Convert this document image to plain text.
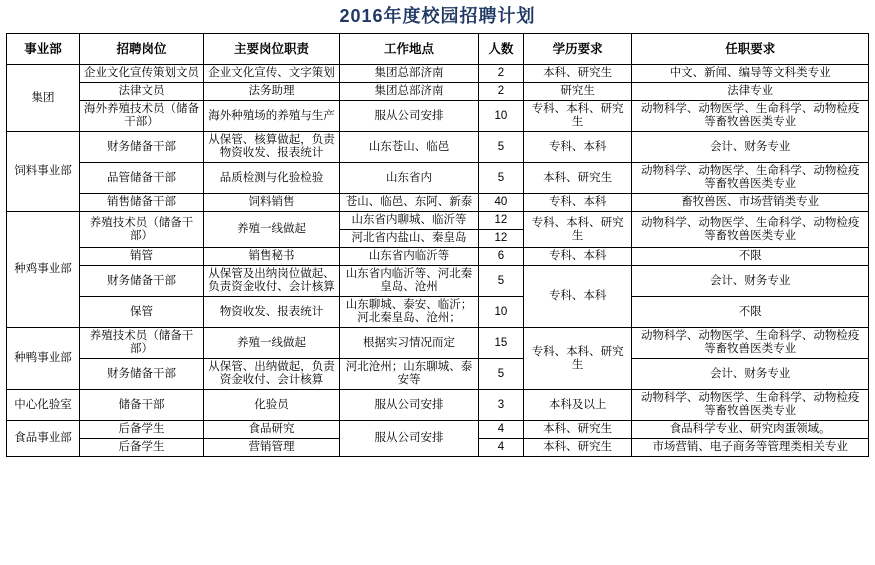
2016年度校园招聘计划
事业部	招聘岗位	主要岗位职责	工作地点	人数	学历要求	任职要求
集团	企业文化宣传策划文员	企业文化宣传、文字策划	集团总部济南	2	本科、研究生	中文、新闻、编导等文科类专业
	法律文员	法务助理	集团总部济南	2	研究生	法律专业
	海外养殖技术员（储备干部）	海外种殖场的养殖与生产	服从公司安排	10	专科、本科、研究生	动物科学、动物医学、生命科学、动物检疫等畜牧兽医类专业
饲料事业部	财务储备干部	从保管、核算做起，负责物资收发、报表统计	山东苍山、临邑	5	专科、本科	会计、财务专业
	品管储备干部	品质检测与化验检验	山东省内	5	本科、研究生	动物科学、动物医学、生命科学、动物检疫等畜牧兽医类专业
	销售储备干部	饲料销售	苍山、临邑、东阿、新泰	40	专科、本科	畜牧兽医、市场营销类专业
种鸡事业部	养殖技术员（储备干部）	养殖一线做起	山东省内聊城、临沂等	12	专科、本科、研究生	动物科学、动物医学、生命科学、动物检疫等畜牧兽医类专业
			河北省内盐山、秦皇岛	12		
	销管	销售秘书	山东省内临沂等	6	专科、本科	不限
	财务储备干部	从保管及出纳岗位做起、负责资金收付、会计核算	山东省内临沂等、河北秦皇岛、沧州	5	专科、本科	会计、财务专业
	保管	物资收发、报表统计	山东聊城、泰安、临沂；河北秦皇岛、沧州；	10		不限
种鸭事业部	养殖技术员（储备干部）	养殖一线做起	根据实习情况而定	15	专科、本科、研究生	动物科学、动物医学、生命科学、动物检疫等畜牧兽医类专业
	财务储备干部	从保管、出纳做起，负责资金收付、会计核算	河北沧州；山东聊城、泰安等	5		会计、财务专业
中心化验室	储备干部	化验员	服从公司安排	3	本科及以上	动物科学、动物医学、生命科学、动物检疫等畜牧兽医类专业
食品事业部	后备学生	食品研究	服从公司安排	4	本科、研究生	食品科学专业、研究肉蛋领域。
	后备学生	营销管理		4	本科、研究生	市场营销、电子商务等管理类相关专业
